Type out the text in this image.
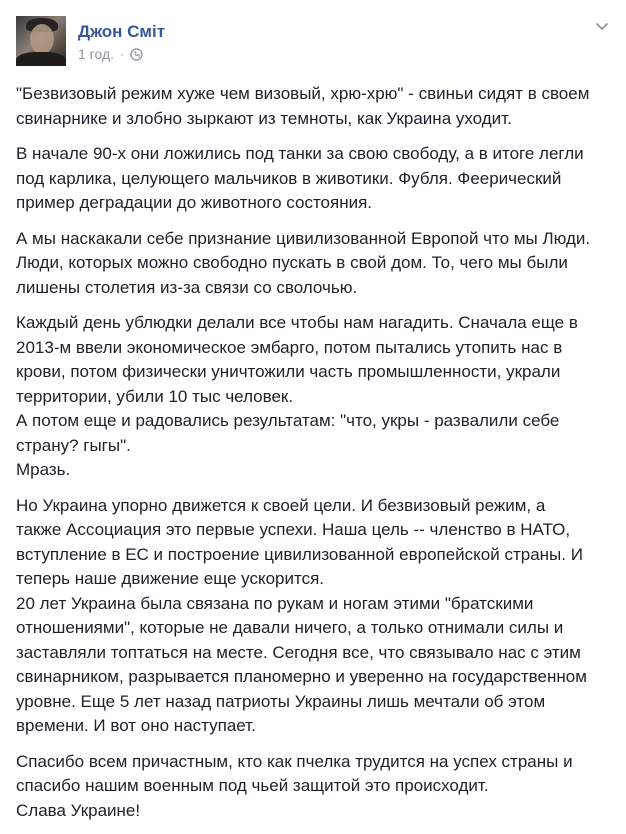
Джон Сміт
1 год. ·

"Безвизовый режим хуже чем визовый, хрю-хрю" - свиньи сидят в своем
свинарнике и злобно зыркают из темноты, как Украина уходит.

В начале 90-х они ложились под танки за свою свободу, а в итоге легли
под карлика, целующего мальчиков в животики. Фубля. Феерический
пример деградации до животного состояния.

А мы наскакали себе признание цивилизованной Европой что мы Люди.
Люди, которых можно свободно пускать в свой дом. То, чего мы были
лишены столетия из-за связи со сволочью.

Каждый день ублюдки делали все чтобы нам нагадить. Сначала еще в
2013-м ввели экономическое эмбарго, потом пытались утопить нас в
крови, потом физически уничтожили часть промышленности, украли
территории, убили 10 тыс человек.
А потом еще и радовались результатам: "что, укры - развалили себе
страну? гыгы".
Мразь.

Но Украина упорно движется к своей цели. И безвизовый режим, а
также Ассоциация это первые успехи. Наша цель -- членство в НАТО,
вступление в ЕС и построение цивилизованной европейской страны. И
теперь наше движение еще ускорится.
20 лет Украина была связана по рукам и ногам этими "братскими
отношениями", которые не давали ничего, а только отнимали силы и
заставляли топтаться на месте. Сегодня все, что связывало нас с этим
свинарником, разрывается планомерно и уверенно на государственном
уровне. Еще 5 лет назад патриоты Украины лишь мечтали об этом
времени. И вот оно наступает.

Спасибо всем причастным, кто как пчелка трудится на успех страны и
спасибо нашим военным под чьей защитой это происходит.
Слава Украине!
